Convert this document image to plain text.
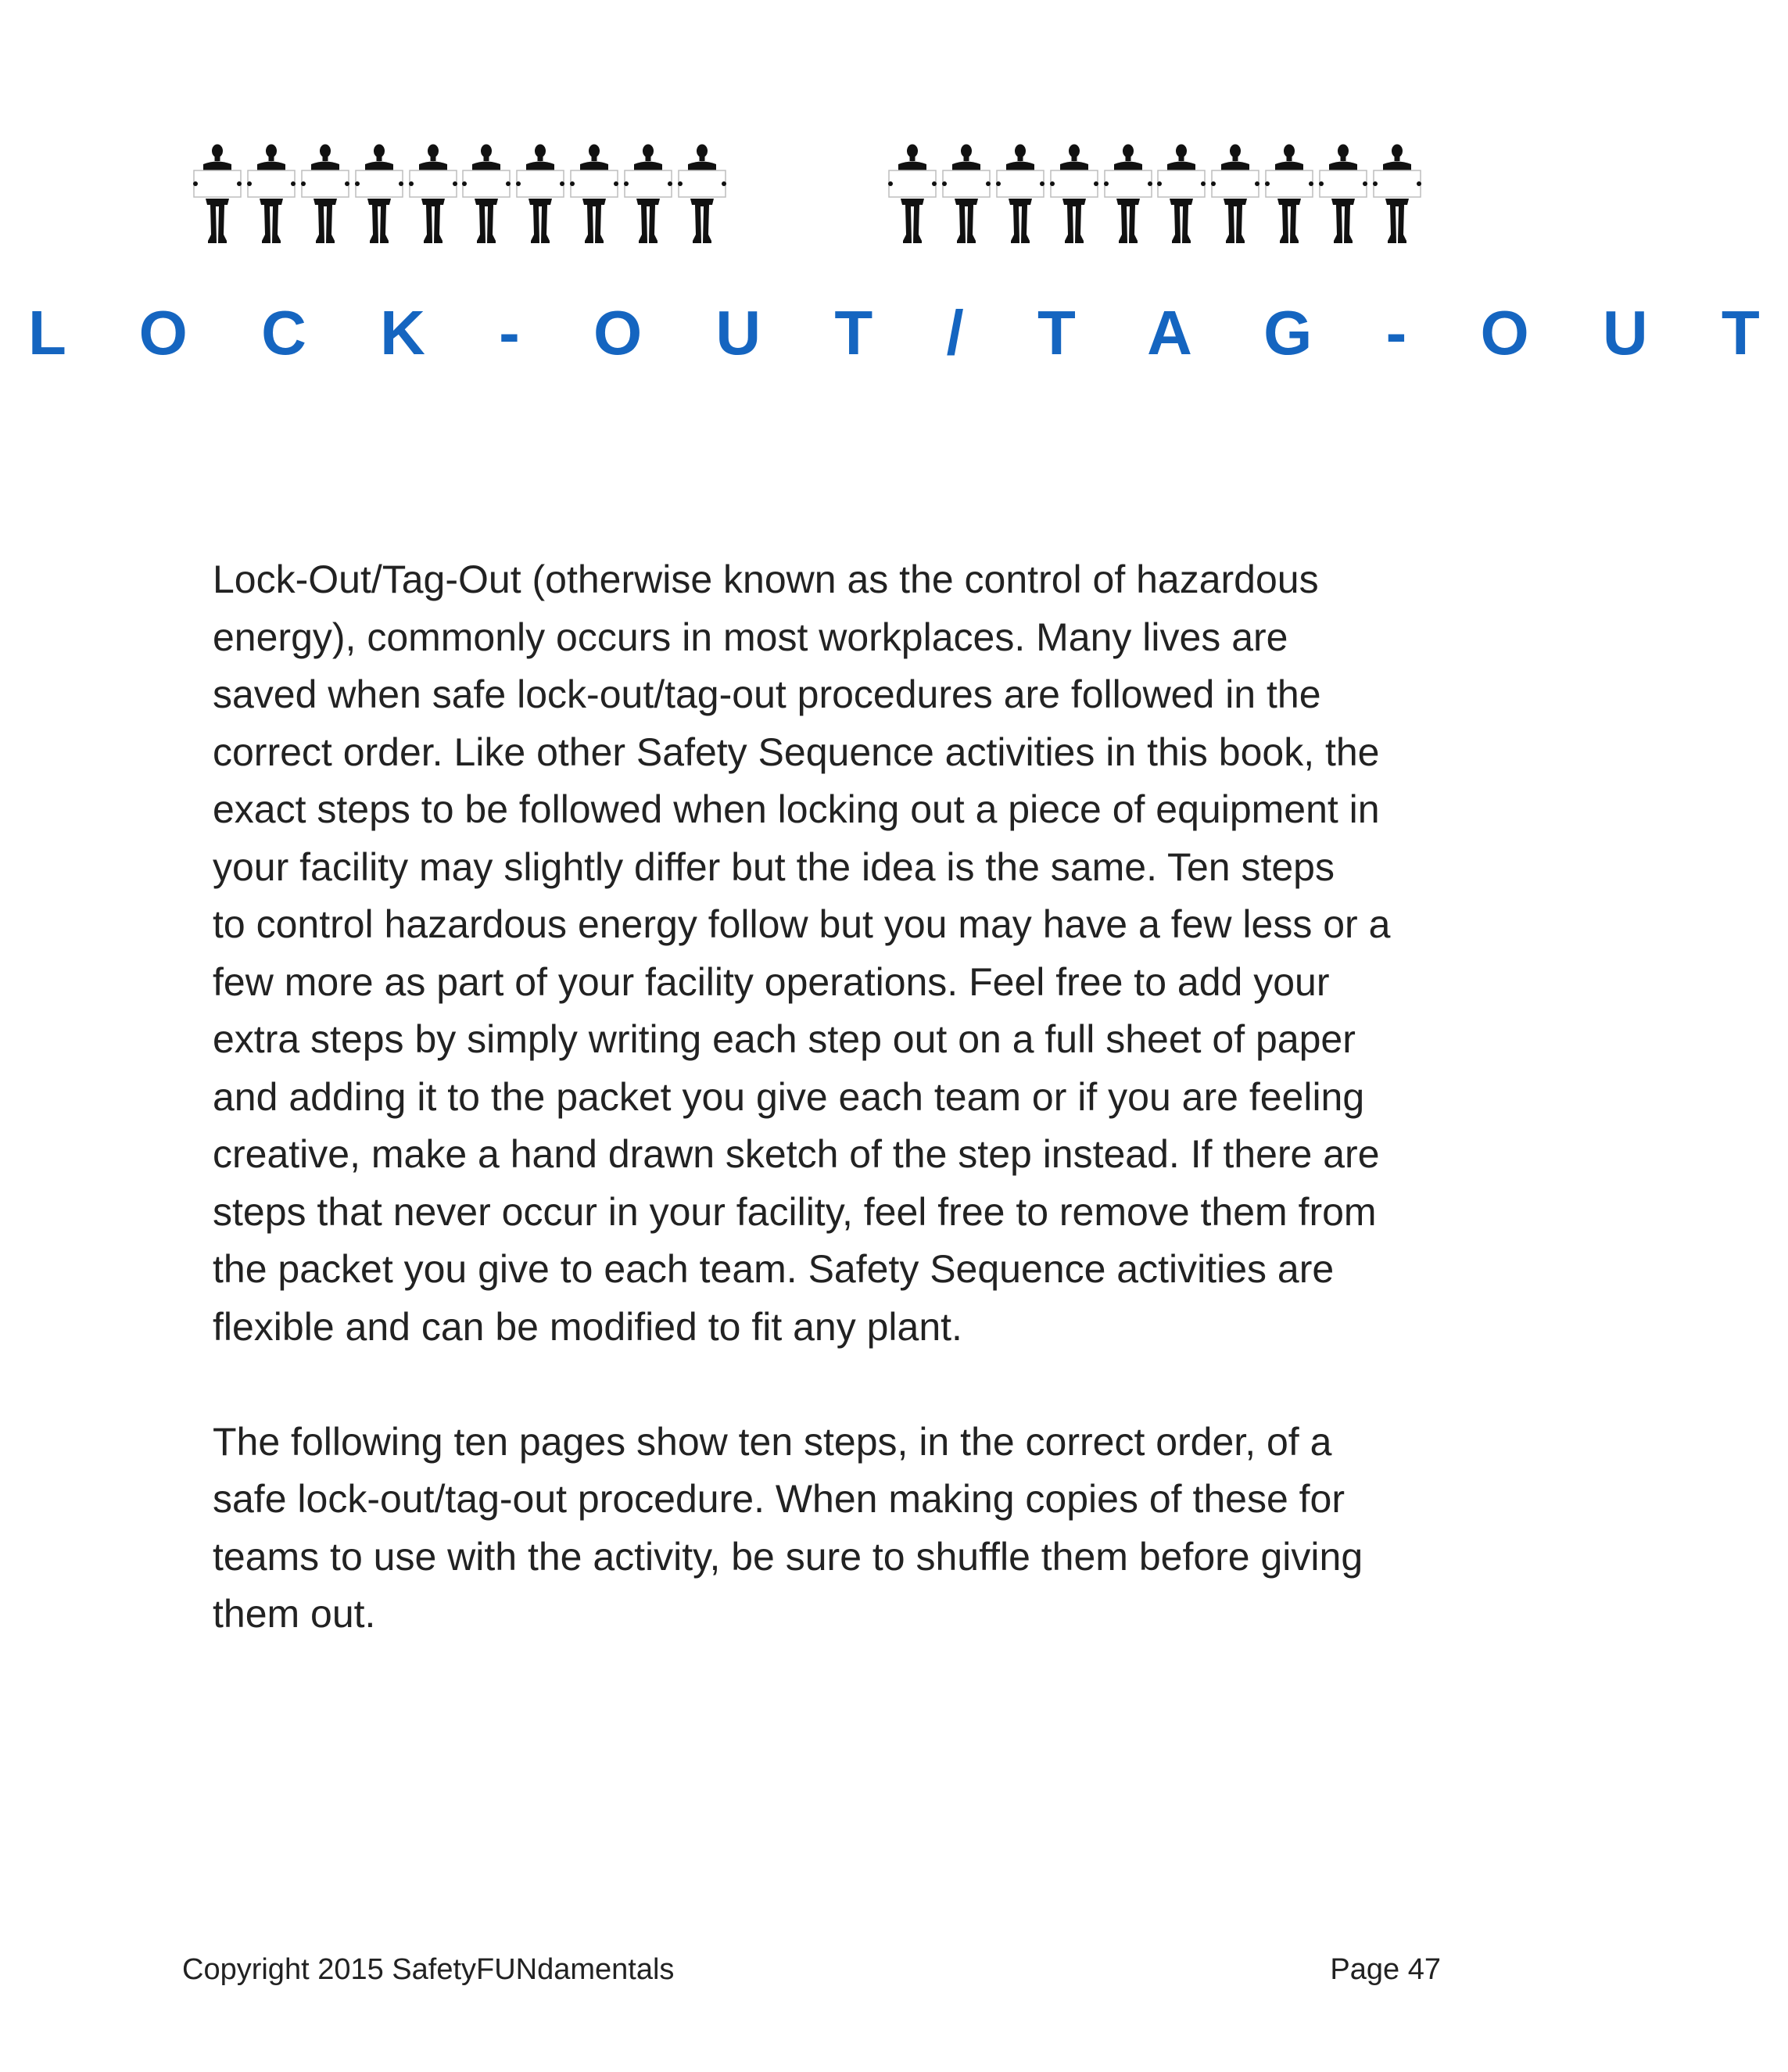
L O C K - O U T / T A G - O U T

Lock-Out/Tag-Out (otherwise known as the control of hazardous
energy), commonly occurs in most workplaces. Many lives are
saved when safe lock-out/tag-out procedures are followed in the
correct order. Like other Safety Sequence activities in this book, the
exact steps to be followed when locking out a piece of equipment in
your facility may slightly differ but the idea is the same. Ten steps
to control hazardous energy follow but you may have a few less or a
few more as part of your facility operations. Feel free to add your
extra steps by simply writing each step out on a full sheet of paper
and adding it to the packet you give each team or if you are feeling
creative, make a hand drawn sketch of the step instead. If there are
steps that never occur in your facility, feel free to remove them from
the packet you give to each team. Safety Sequence activities are
flexible and can be modified to fit any plant.

The following ten pages show ten steps, in the correct order, of a
safe lock-out/tag-out procedure. When making copies of these for
teams to use with the activity, be sure to shuffle them before giving
them out.

Copyright 2015 SafetyFUNdamentals	Page 47
